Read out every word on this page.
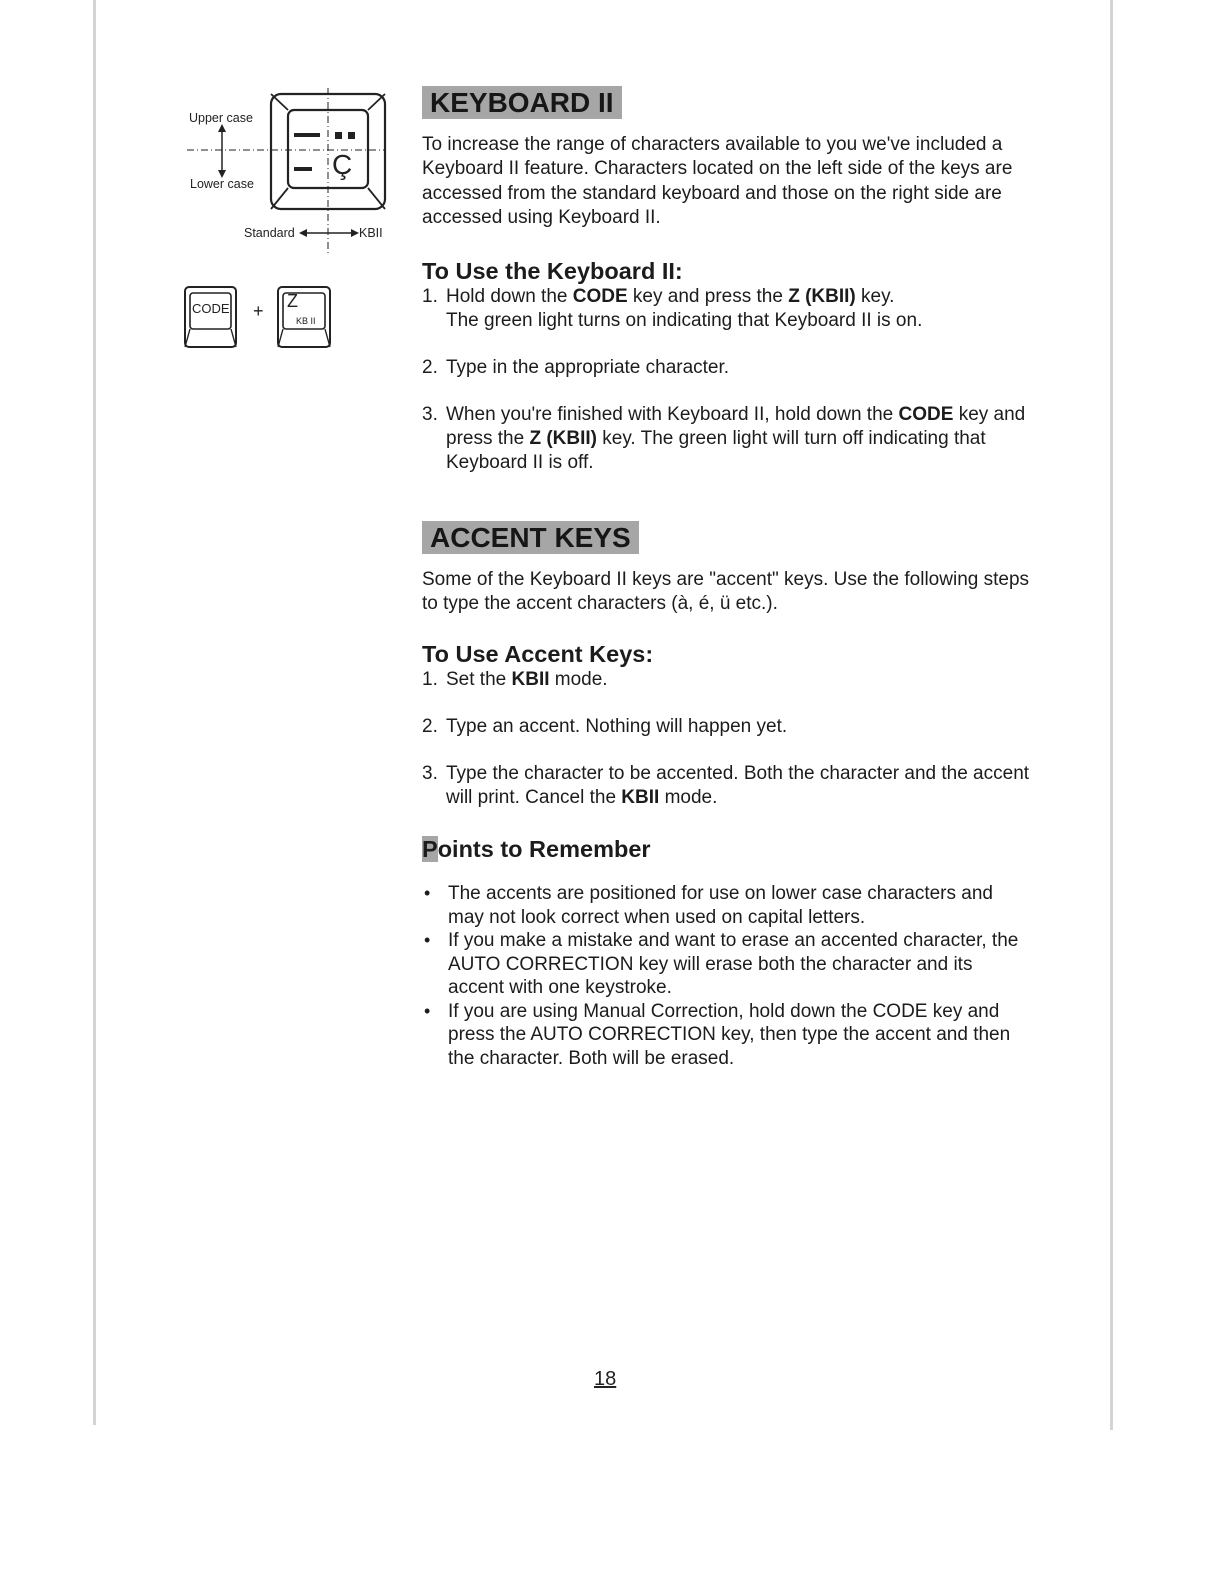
Upper case
Lower case
Standard	KBII
Ç
CODE + Z
KB II
KEYBOARD II

To increase the range of characters available to you we've included a Keyboard II feature. Characters located on the left side of the keys are accessed from the standard keyboard and those on the right side are accessed using Keyboard II.

To Use the Keyboard II:
1. Hold down the CODE key and press the Z (KBII) key.
The green light turns on indicating that Keyboard II is on.
2. Type in the appropriate character.
3. When you're finished with Keyboard II, hold down the CODE key and press the Z (KBII) key. The green light will turn off indicating that Keyboard II is off.
ACCENT KEYS

Some of the Keyboard II keys are "accent" keys. Use the following steps to type the accent characters (à, é, ü etc.).

To Use Accent Keys:
1. Set the KBII mode.
2. Type an accent. Nothing will happen yet.
3. Type the character to be accented. Both the character and the accent will print. Cancel the KBII mode.
Points to Remember
• The accents are positioned for use on lower case characters and may not look correct when used on capital letters.
• If you make a mistake and want to erase an accented character, the AUTO CORRECTION key will erase both the character and its accent with one keystroke.
• If you are using Manual Correction, hold down the CODE key and press the AUTO CORRECTION key, then type the accent and then the character. Both will be erased.
18
